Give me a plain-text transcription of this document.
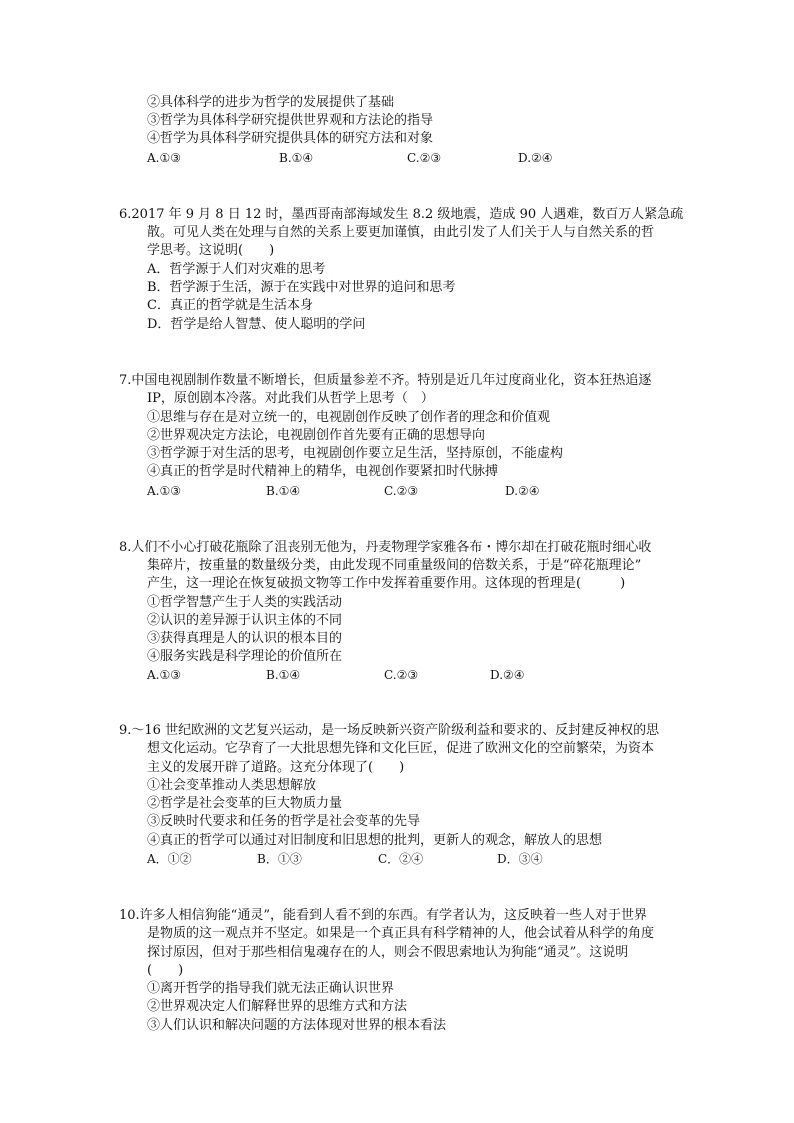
②具体科学的进步为哲学的发展提供了基础
③哲学为具体科学研究提供世界观和方法论的指导
④哲学为具体科学研究提供具体的研究方法和对象
A.①③	B.①④	C.②③	D.②④
6.2017 年 9 月 8 日 12 时，墨西哥南部海域发生 8.2 级地震，造成 90 人遇难，数百万人紧急疏
散。可见人类在处理与自然的关系上要更加谨慎，由此引发了人们关于人与自然关系的哲
学思考。这说明(　　)
A．哲学源于人们对灾难的思考
B．哲学源于生活，源于在实践中对世界的追问和思考
C．真正的哲学就是生活本身
D．哲学是给人智慧、使人聪明的学问
7.中国电视剧制作数量不断增长，但质量参差不齐。特别是近几年过度商业化，资本狂热追逐
IP，原创剧本冷落。对此我们从哲学上思考（　）
①思维与存在是对立统一的，电视剧创作反映了创作者的理念和价值观
②世界观决定方法论，电视剧创作首先要有正确的思想导向
③哲学源于对生活的思考，电视剧创作要立足生活，坚持原创，不能虚构
④真正的哲学是时代精神上的精华，电视创作要紧扣时代脉搏
A.①③	B.①④	C.②③	D.②④
8.人们不小心打破花瓶除了沮丧别无他为，丹麦物理学家雅各布・博尔却在打破花瓶时细心收
集碎片，按重量的数量级分类，由此发现不同重量级间的倍数关系，于是“碎花瓶理论”
产生，这一理论在恢复破损文物等工作中发挥着重要作用。这体现的哲理是(　　　)
①哲学智慧产生于人类的实践活动
②认识的差异源于认识主体的不同
③获得真理是人的认识的根本目的
④服务实践是科学理论的价值所在
A.①③	B.①④	C.②③	D.②④
9.～16 世纪欧洲的文艺复兴运动，是一场反映新兴资产阶级利益和要求的、反封建反神权的思
想文化运动。它孕育了一大批思想先锋和文化巨匠，促进了欧洲文化的空前繁荣，为资本
主义的发展开辟了道路。这充分体现了(　　)
①社会变革推动人类思想解放
②哲学是社会变革的巨大物质力量
③反映时代要求和任务的哲学是社会变革的先导
④真正的哲学可以通过对旧制度和旧思想的批判，更新人的观念，解放人的思想
A．①②	B．①③	C．②④	D．③④
10.许多人相信狗能“通灵”，能看到人看不到的东西。有学者认为，这反映着一些人对于世界
是物质的这一观点并不坚定。如果是一个真正具有科学精神的人，他会试着从科学的角度
探讨原因，但对于那些相信鬼魂存在的人，则会不假思索地认为狗能“通灵”。这说明
(　　)
①离开哲学的指导我们就无法正确认识世界
②世界观决定人们解释世界的思维方式和方法
③人们认识和解决问题的方法体现对世界的根本看法
